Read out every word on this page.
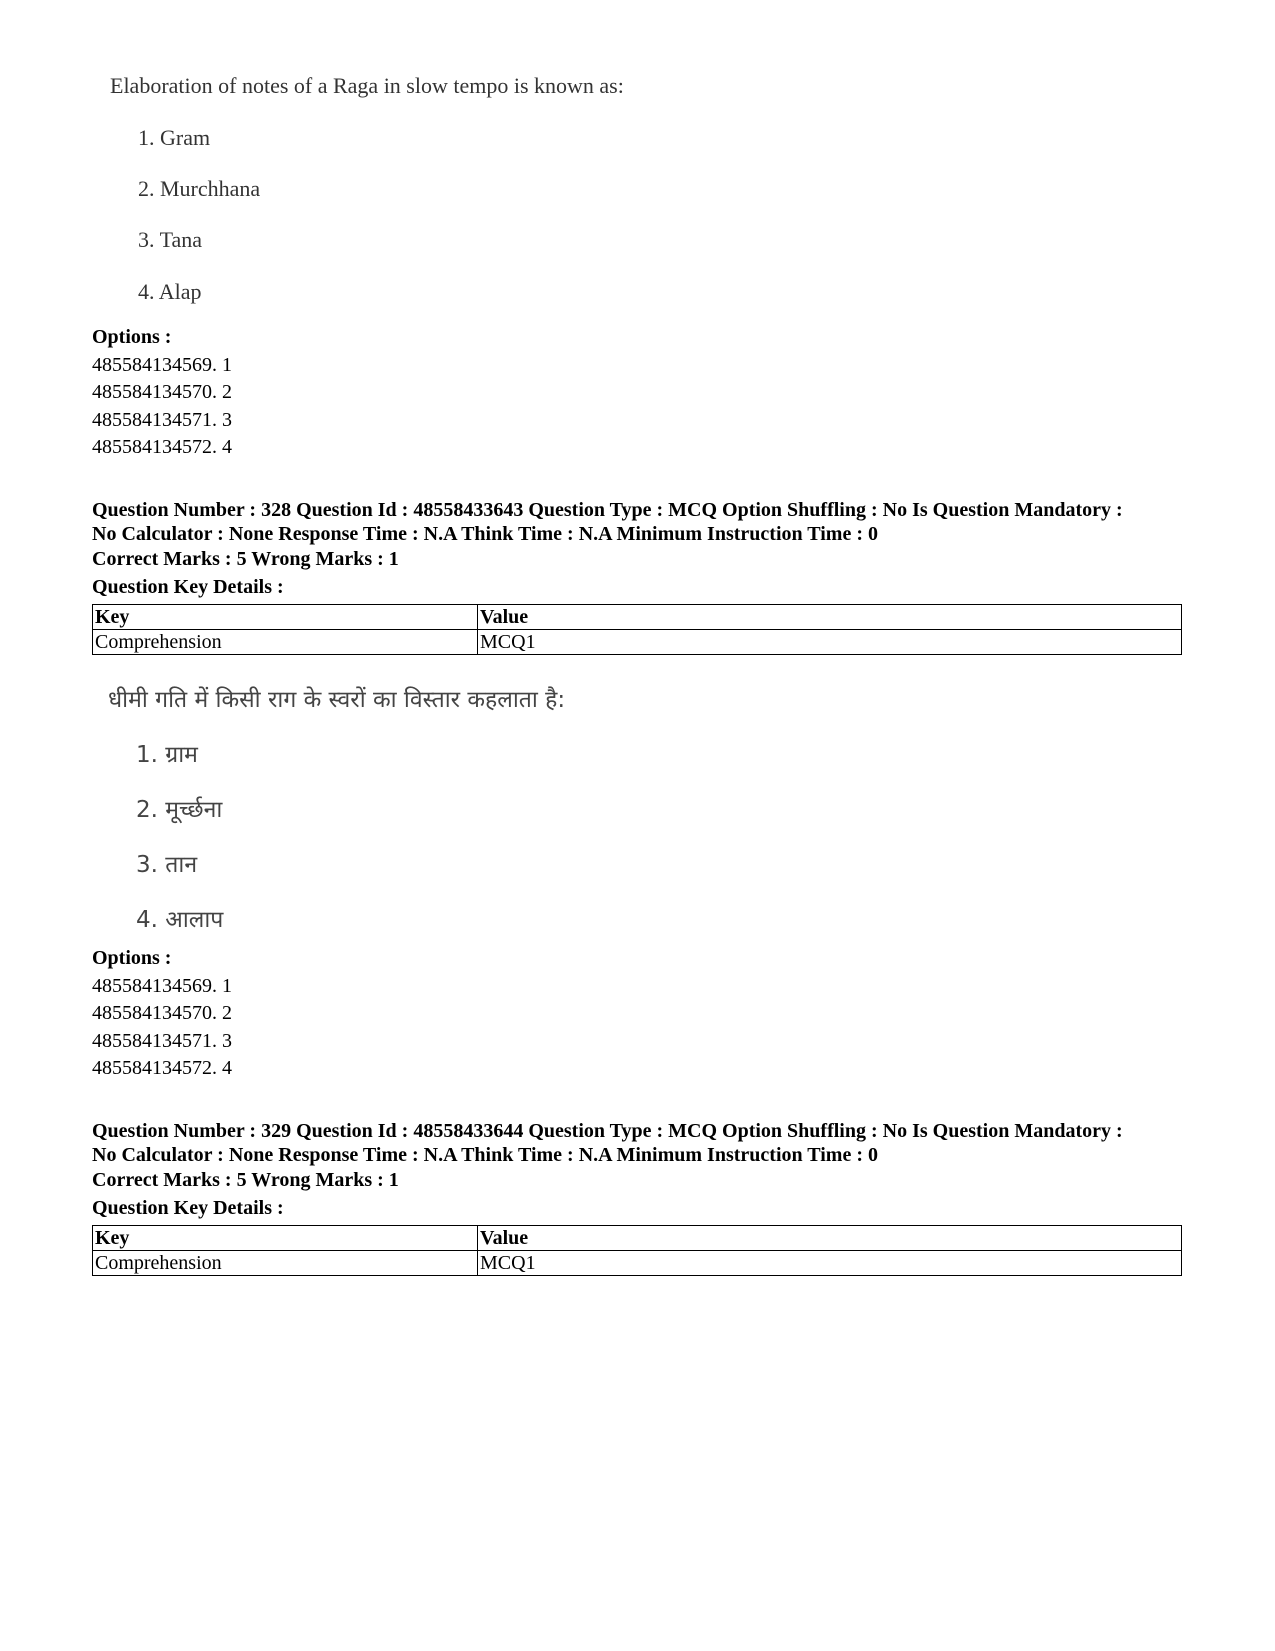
Elaboration of notes of a Raga in slow tempo is known as:
1. Gram
2. Murchhana
3. Tana
4. Alap
Options :
485584134569. 1
485584134570. 2
485584134571. 3
485584134572. 4
Question Number : 328 Question Id : 48558433643 Question Type : MCQ Option Shuffling : No Is Question Mandatory :
No Calculator : None Response Time : N.A Think Time : N.A Minimum Instruction Time : 0
Correct Marks : 5 Wrong Marks : 1
Question Key Details :
Key	Value
Comprehension	MCQ1
धीमी गति में किसी राग के स्वरों का विस्तार कहलाता है:
1. ग्राम
2. मूर्च्छना
3. तान
4. आलाप
Options :
485584134569. 1
485584134570. 2
485584134571. 3
485584134572. 4
Question Number : 329 Question Id : 48558433644 Question Type : MCQ Option Shuffling : No Is Question Mandatory :
No Calculator : None Response Time : N.A Think Time : N.A Minimum Instruction Time : 0
Correct Marks : 5 Wrong Marks : 1
Question Key Details :
Key	Value
Comprehension	MCQ1
